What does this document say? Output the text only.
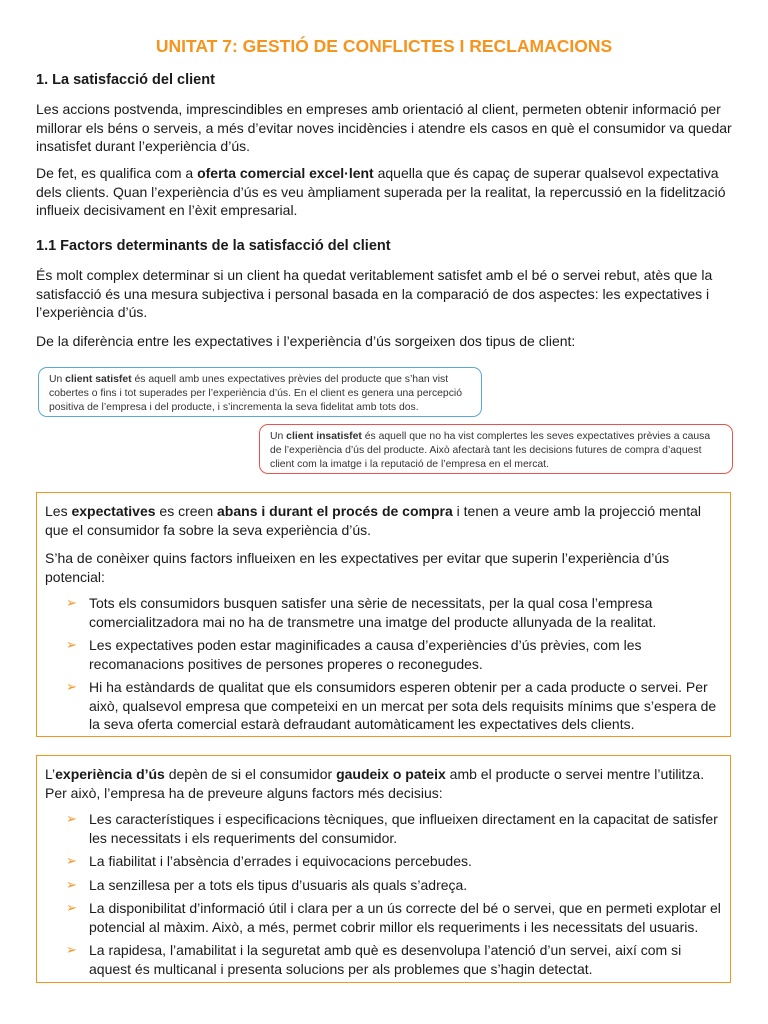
UNITAT 7: GESTIÓ DE CONFLICTES I RECLAMACIONS
1. La satisfacció del client

Les accions postvenda, imprescindibles en empreses amb orientació al client, permeten obtenir informació per millorar els béns o serveis, a més d’evitar noves incidències i atendre els casos en què el consumidor va quedar insatisfet durant l’experiència d’ús.

De fet, es qualifica com a oferta comercial excel·lent aquella que és capaç de superar qualsevol expectativa dels clients. Quan l’experiència d’ús es veu àmpliament superada per la realitat, la repercussió en la fidelització influeix decisivament en l’èxit empresarial.

1.1 Factors determinants de la satisfacció del client

És molt complex determinar si un client ha quedat veritablement satisfet amb el bé o servei rebut, atès que la satisfacció és una mesura subjectiva i personal basada en la comparació de dos aspectes: les expectatives i l’experiència d’ús.

De la diferència entre les expectatives i l’experiència d’ús sorgeixen dos tipus de client:

Un client satisfet és aquell amb unes expectatives prèvies del producte que s’han vist cobertes o fins i tot superades per l’experiència d’ús. En el client es genera una percepció positiva de l’empresa i del producte, i s’incrementa la seva fidelitat amb tots dos.
Un client insatisfet és aquell que no ha vist complertes les seves expectatives prèvies a causa de l’experiència d’ús del producte. Això afectarà tant les decisions futures de compra d’aquest client com la imatge i la reputació de l’empresa en el mercat.

Les expectatives es creen abans i durant el procés de compra i tenen a veure amb la projecció mental que el consumidor fa sobre la seva experiència d’ús.

S’ha de conèixer quins factors influeixen en les expectatives per evitar que superin l’experiència d’ús potencial:

➢ Tots els consumidors busquen satisfer una sèrie de necessitats, per la qual cosa l’empresa comercialitzadora mai no ha de transmetre una imatge del producte allunyada de la realitat.
➢ Les expectatives poden estar maginificades a causa d’experiències d’ús prèvies, com les recomanacions positives de persones properes o reconegudes.
➢ Hi ha estàndards de qualitat que els consumidors esperen obtenir per a cada producte o servei. Per això, qualsevol empresa que competeixi en un mercat per sota dels requisits mínims que s’espera de la seva oferta comercial estarà defraudant automàticament les expectatives dels clients.

L’experiència d’ús depèn de si el consumidor gaudeix o pateix amb el producte o servei mentre l’utilitza. Per això, l’empresa ha de preveure alguns factors més decisius:

➢ Les característiques i especificacions tècniques, que influeixen directament en la capacitat de satisfer les necessitats i els requeriments del consumidor.
➢ La fiabilitat i l’absència d’errades i equivocacions percebudes.
➢ La senzillesa per a tots els tipus d’usuaris als quals s’adreça.
➢ La disponibilitat d’informació útil i clara per a un ús correcte del bé o servei, que en permeti explotar el potencial al màxim. Això, a més, permet cobrir millor els requeriments i les necessitats del usuaris.
➢ La rapidesa, l’amabilitat i la seguretat amb què es desenvolupa l’atenció d’un servei, així com si aquest és multicanal i presenta solucions per als problemes que s’hagin detectat.
